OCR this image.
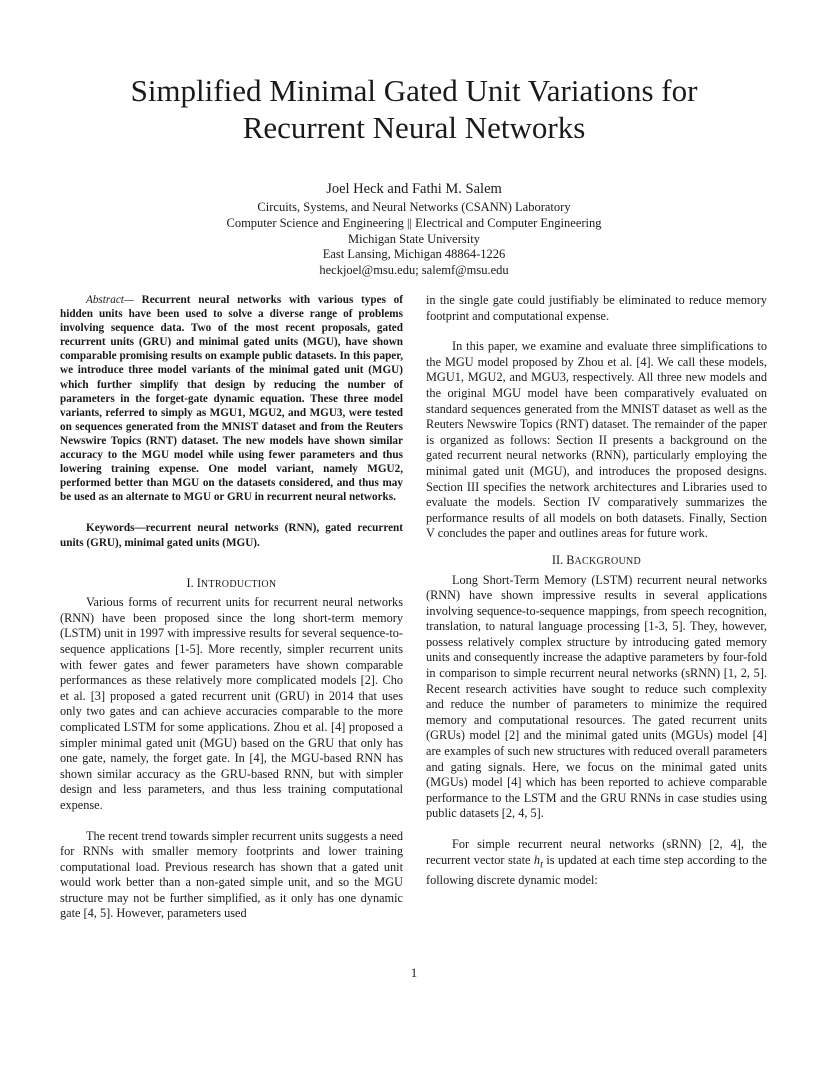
Simplified Minimal Gated Unit Variations for
Recurrent Neural Networks
Joel Heck and Fathi M. Salem
Circuits, Systems, and Neural Networks (CSANN) Laboratory
Computer Science and Engineering || Electrical and Computer Engineering
Michigan State University
East Lansing, Michigan 48864-1226
heckjoel@msu.edu; salemf@msu.edu

Abstract— Recurrent neural networks with various types of hidden units have been used to solve a diverse range of problems involving sequence data. Two of the most recent proposals, gated recurrent units (GRU) and minimal gated units (MGU), have shown comparable promising results on example public datasets. In this paper, we introduce three model variants of the minimal gated unit (MGU) which further simplify that design by reducing the number of parameters in the forget-gate dynamic equation. These three model variants, referred to simply as MGU1, MGU2, and MGU3, were tested on sequences generated from the MNIST dataset and from the Reuters Newswire Topics (RNT) dataset. The new models have shown similar accuracy to the MGU model while using fewer parameters and thus lowering training expense. One model variant, namely MGU2, performed better than MGU on the datasets considered, and thus may be used as an alternate to MGU or GRU in recurrent neural networks.

Keywords—recurrent neural networks (RNN), gated recurrent units (GRU), minimal gated units (MGU).

I. INTRODUCTION

Various forms of recurrent units for recurrent neural networks (RNN) have been proposed since the long short-term memory (LSTM) unit in 1997 with impressive results for several sequence-to-sequence applications [1-5]. More recently, simpler recurrent units with fewer gates and fewer parameters have shown comparable performances as these relatively more complicated models [2]. Cho et al. [3] proposed a gated recurrent unit (GRU) in 2014 that uses only two gates and can achieve accuracies comparable to the more complicated LSTM for some applications. Zhou et al. [4] proposed a simpler minimal gated unit (MGU) based on the GRU that only has one gate, namely, the forget gate. In [4], the MGU-based RNN has shown similar accuracy as the GRU-based RNN, but with simpler design and less parameters, and thus less training computational expense.

The recent trend towards simpler recurrent units suggests a need for RNNs with smaller memory footprints and lower training computational load. Previous research has shown that a gated unit would work better than a non-gated simple unit, and so the MGU structure may not be further simplified, as it only has one dynamic gate [4, 5]. However, parameters used

in the single gate could justifiably be eliminated to reduce memory footprint and computational expense.

In this paper, we examine and evaluate three simplifications to the MGU model proposed by Zhou et al. [4]. We call these models, MGU1, MGU2, and MGU3, respectively. All three new models and the original MGU model have been comparatively evaluated on standard sequences generated from the MNIST dataset as well as the Reuters Newswire Topics (RNT) dataset. The remainder of the paper is organized as follows: Section II presents a background on the gated recurrent neural networks (RNN), particularly employing the minimal gated unit (MGU), and introduces the proposed designs. Section III specifies the network architectures and Libraries used to evaluate the models. Section IV comparatively summarizes the performance results of all models on both datasets. Finally, Section V concludes the paper and outlines areas for future work.

II. BACKGROUND

Long Short-Term Memory (LSTM) recurrent neural networks (RNN) have shown impressive results in several applications involving sequence-to-sequence mappings, from speech recognition, translation, to natural language processing [1-3, 5]. They, however, possess relatively complex structure by introducing gated memory units and consequently increase the adaptive parameters by four-fold in comparison to simple recurrent neural networks (sRNN) [1, 2, 5]. Recent research activities have sought to reduce such complexity and reduce the number of parameters to minimize the required memory and computational resources. The gated recurrent units (GRUs) model [2] and the minimal gated units (MGUs) model [4] are examples of such new structures with reduced overall parameters and gating signals. Here, we focus on the minimal gated units (MGUs) model [4] which has been reported to achieve comparable performance to the LSTM and the GRU RNNs in case studies using public datasets [2, 4, 5].

For simple recurrent neural networks (sRNN) [2, 4], the recurrent vector state $h_t$ is updated at each time step according to the following discrete dynamic model:

1
